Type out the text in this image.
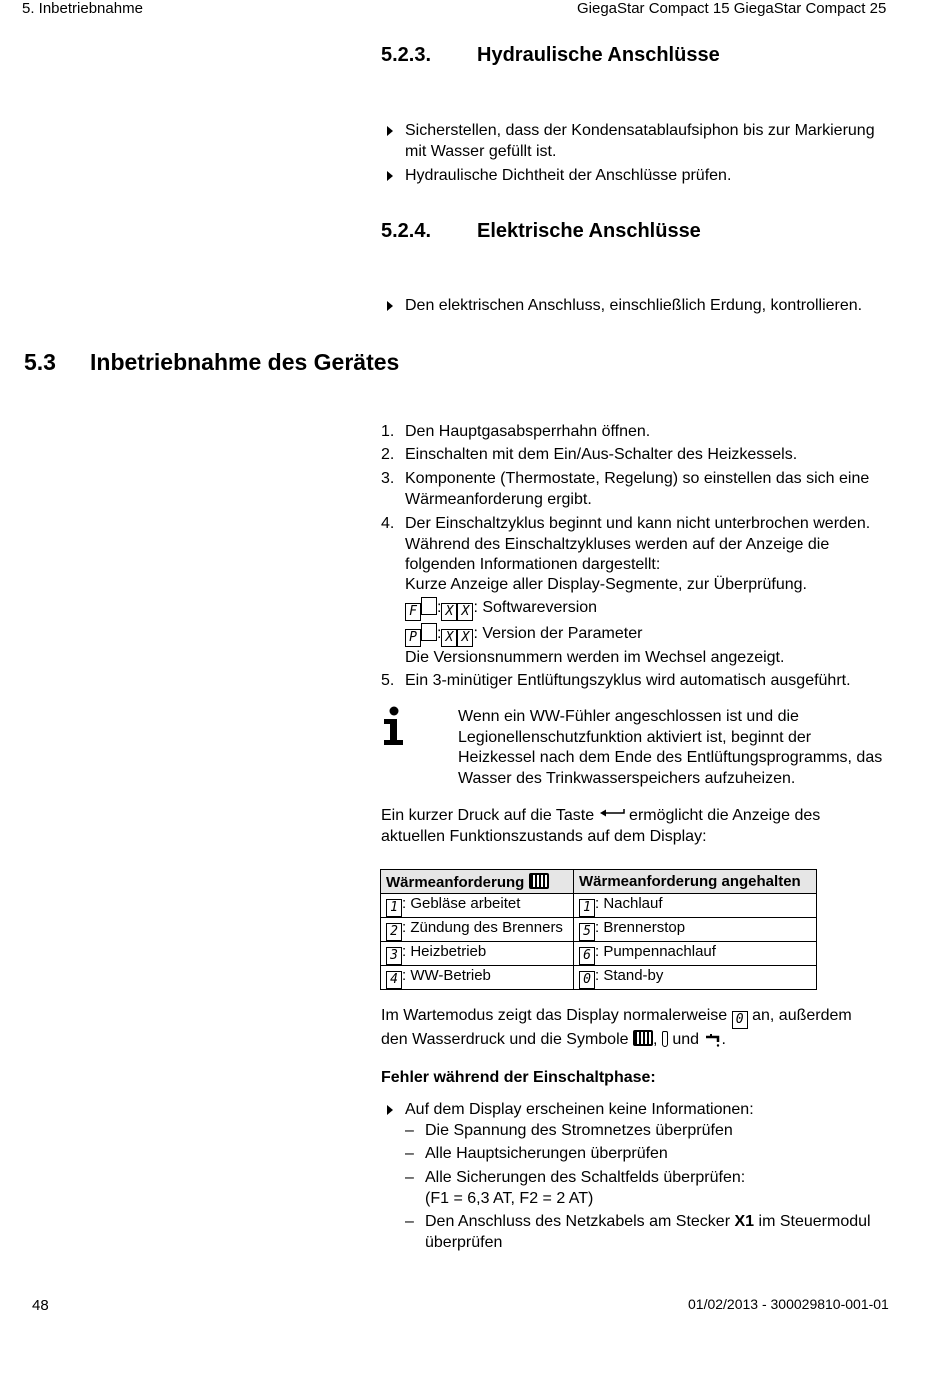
5. Inbetriebnahme	GiegaStar Compact 15 GiegaStar Compact 25
5.2.3. Hydraulische Anschlüsse
Sicherstellen, dass der Kondensatablaufsiphon bis zur Markierung mit Wasser gefüllt ist.
Hydraulische Dichtheit der Anschlüsse prüfen.
5.2.4. Elektrische Anschlüsse
Den elektrischen Anschluss, einschließlich Erdung, kontrollieren.
5.3 Inbetriebnahme des Gerätes
1. Den Hauptgasabsperrhahn öffnen.
2. Einschalten mit dem Ein/Aus-Schalter des Heizkessels.
3. Komponente (Thermostate, Regelung) so einstellen das sich eine Wärmeanforderung ergibt.
4. Der Einschaltzyklus beginnt und kann nicht unterbrochen werden. Während des Einschaltzykluses werden auf der Anzeige die folgenden Informationen dargestellt:
Kurze Anzeige aller Display-Segmente, zur Überprüfung.
F : X X : Softwareversion
P : X X : Version der Parameter
Die Versionsnummern werden im Wechsel angezeigt.
5. Ein 3-minütiger Entlüftungszyklus wird automatisch ausgeführt.
Wenn ein WW-Fühler angeschlossen ist und die Legionellenschutzfunktion aktiviert ist, beginnt der Heizkessel nach dem Ende des Entlüftungsprogramms, das Wasser des Trinkwasserspeichers aufzuheizen.
Ein kurzer Druck auf die Taste ermöglicht die Anzeige des aktuellen Funktionszustands auf dem Display:
Wärmeanforderung	Wärmeanforderung angehalten
1 : Gebläse arbeitet	1 : Nachlauf
2 : Zündung des Brenners	5 : Brennerstop
3 : Heizbetrieb	6 : Pumpennachlauf
4 : WW-Betrieb	0 : Stand-by
Im Wartemodus zeigt das Display normalerweise 0 an, außerdem
den Wasserdruck und die Symbole , und .
Fehler während der Einschaltphase:
Auf dem Display erscheinen keine Informationen:
– Die Spannung des Stromnetzes überprüfen
– Alle Hauptsicherungen überprüfen
– Alle Sicherungen des Schaltfelds überprüfen:
(F1 = 6,3 AT, F2 = 2 AT)
– Den Anschluss des Netzkabels am Stecker X1 im Steuermodul überprüfen
48	01/02/2013 - 300029810-001-01
